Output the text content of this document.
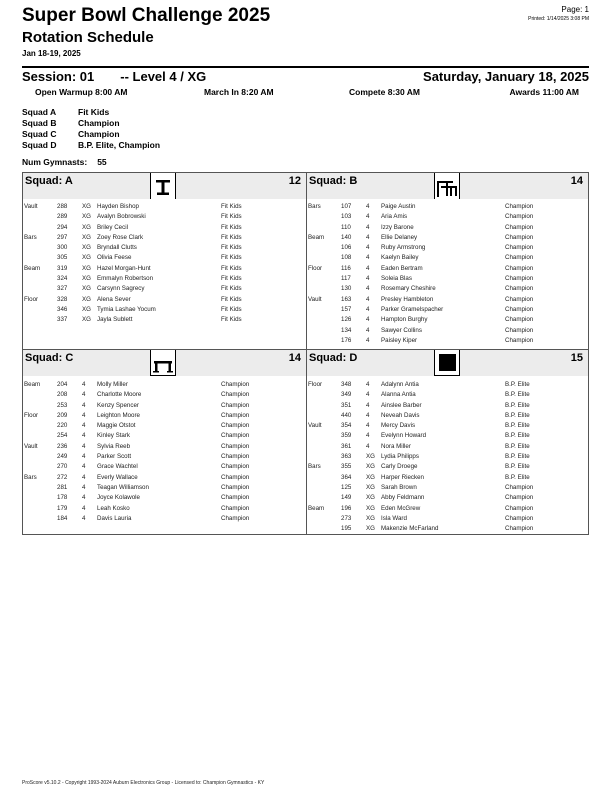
Super Bowl Challenge 2025
Rotation Schedule
Jan 18-19, 2025
Page: 1
Printed: 1/14/2025 3:08 PM
Session: 01 -- Level 4 / XG	Saturday, January 18, 2025
Open Warmup 8:00 AM	March In 8:20 AM	Compete 8:30 AM	Awards 11:00 AM
Squad A	Fit Kids
Squad B	Champion
Squad C	Champion
Squad D	B.P. Elite, Champion
Num Gymnasts: 55
Squad: A	12
Vault	288 XG Hayden Bishop	Fit Kids
289 XG Avalyn Bobrowski	Fit Kids
294 XG Briley Cecil	Fit Kids
Bars	297 XG Zoey Rose Clark	Fit Kids
300 XG Bryndall Clutts	Fit Kids
305 XG Olivia Feese	Fit Kids
Beam	319 XG Hazel Morgan-Hunt	Fit Kids
324 XG Emmalyn Robertson	Fit Kids
327 XG Carsynn Sagrecy	Fit Kids
Floor	328 XG Alena Sever	Fit Kids
346 XG Tymia Lashae Yocum	Fit Kids
337 XG Jayla Sublett	Fit Kids
Squad: B	14
Bars	107 4 Paige Austin	Champion
103 4 Aria Amis	Champion
110 4 Izzy Barone	Champion
Beam	140 4 Ellie Delaney	Champion
106 4 Ruby Armstrong	Champion
108 4 Kaelyn Bailey	Champion
Floor	116 4 Eaden Bertram	Champion
117 4 Soleia Blas	Champion
130 4 Rosemary Cheshire	Champion
Vault	163 4 Presley Hambleton	Champion
157 4 Parker Gramelspacher	Champion
126 4 Hampton Burghy	Champion
134 4 Sawyer Collins	Champion
176 4 Paisley Kiper	Champion
Squad: C	14
Beam	204 4 Molly Miller	Champion
208 4 Charlotte Moore	Champion
253 4 Kenzy Spencer	Champion
Floor	209 4 Leighton Moore	Champion
220 4 Maggie Otstot	Champion
254 4 Kinley Stark	Champion
Vault	236 4 Sylvia Reeb	Champion
249 4 Parker Scott	Champion
270 4 Grace Wachtel	Champion
Bars	272 4 Everly Wallace	Champion
281 4 Teagan Williamson	Champion
178 4 Joyce Kolawole	Champion
179 4 Leah Kosko	Champion
184 4 Davis Lauria	Champion
Squad: D	15
Floor	348 4 Adalynn Antia	B.P. Elite
349 4 Alanna Antia	B.P. Elite
351 4 Ainslee Barber	B.P. Elite
440 4 Neveah Davis	B.P. Elite
Vault	354 4 Mercy Davis	B.P. Elite
359 4 Evelynn Howard	B.P. Elite
361 4 Nora Miller	B.P. Elite
363 XG Lydia Philipps	B.P. Elite
Bars	355 XG Carly Droege	B.P. Elite
364 XG Harper Riecken	B.P. Elite
125 XG Sarah Brown	Champion
149 XG Abby Feldmann	Champion
Beam	196 XG Eden McGrew	Champion
273 XG Isla Ward	Champion
195 XG Makenzie McFarland	Champion
ProScore v5.10.2 - Copyright 1993-2024 Auburn Electronics Group - Licensed to: Champion Gymnastics - KY
